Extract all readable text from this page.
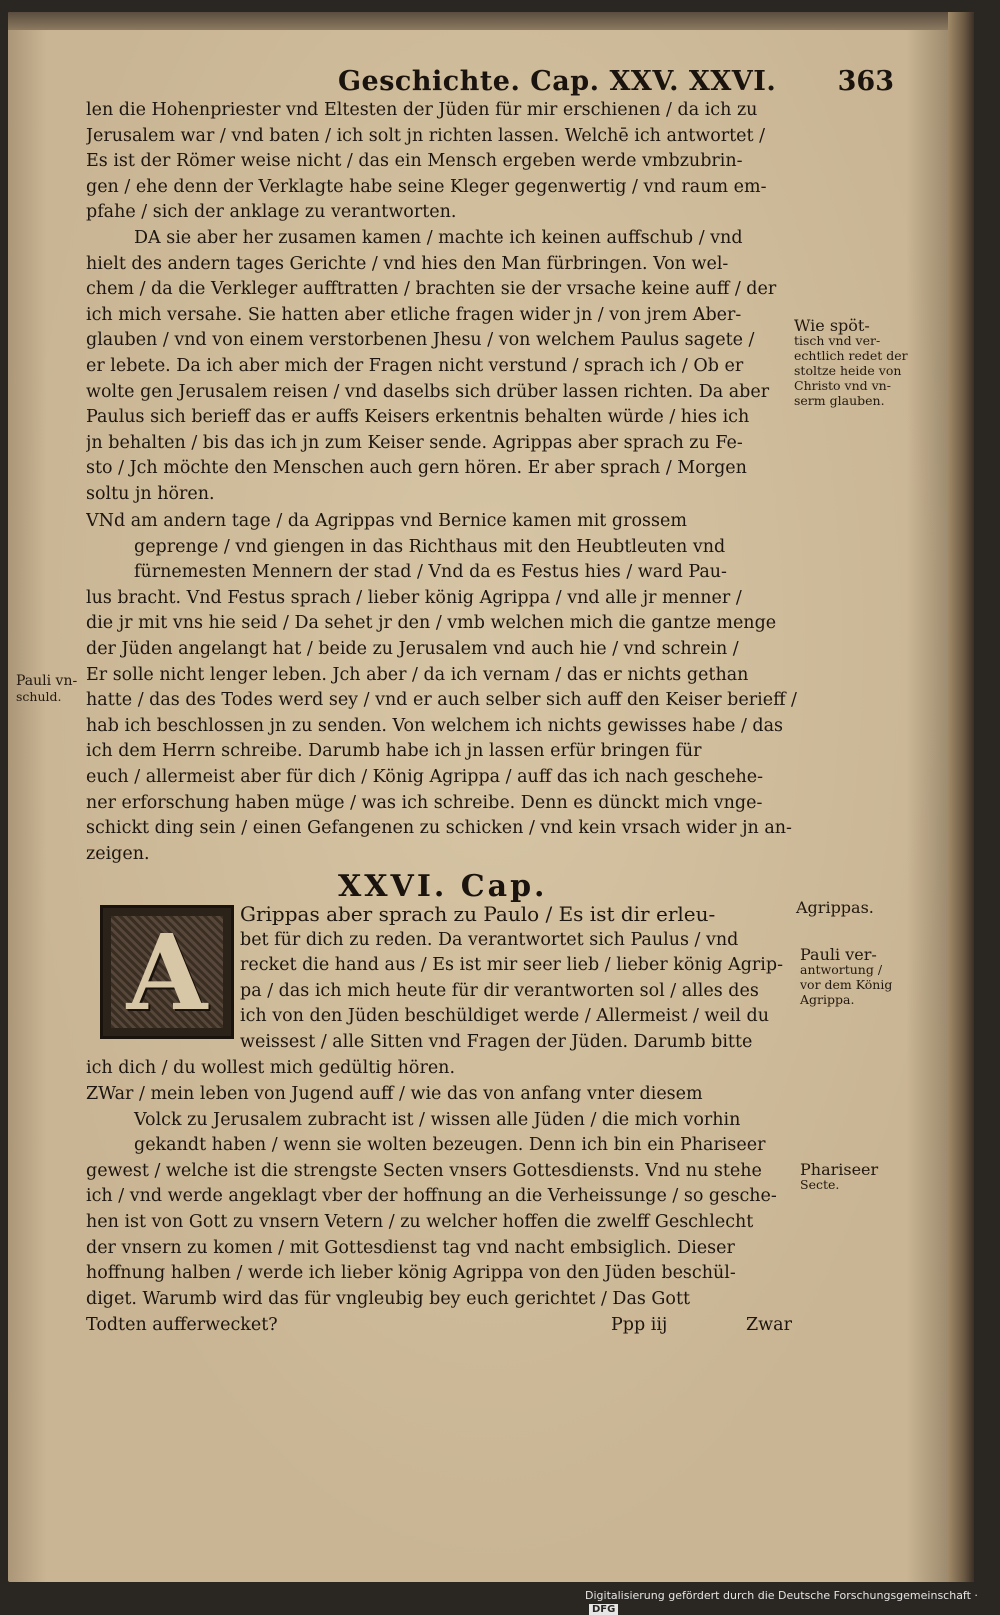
Geschichte. Cap. XXV. XXVI. 363
len die Hohenpriester vnd Eltesten der Jüden für mir erschienen / da ich zu
Jerusalem war / vnd baten / ich solt jn richten lassen. Welchē ich antwortet /
Es ist der Römer weise nicht / das ein Mensch ergeben werde vmbzubrin-
gen / ehe denn der Verklagte habe seine Kleger gegenwertig / vnd raum em-
pfahe / sich der anklage zu verantworten.
DA sie aber her zusamen kamen / machte ich keinen auffschub / vnd
hielt des andern tages Gerichte / vnd hies den Man fürbringen. Von wel-
chem / da die Verkleger aufftratten / brachten sie der vrsache keine auff / der
ich mich versahe. Sie hatten aber etliche fragen wider jn / von jrem Aber-
glauben / vnd von einem verstorbenen Jhesu / von welchem Paulus sagete /
er lebete. Da ich aber mich der Fragen nicht verstund / sprach ich / Ob er
wolte gen Jerusalem reisen / vnd daselbs sich drüber lassen richten. Da aber
Paulus sich berieff das er auffs Keisers erkentnis behalten würde / hies ich
jn behalten / bis das ich jn zum Keiser sende. Agrippas aber sprach zu Fe-
sto / Jch möchte den Menschen auch gern hören. Er aber sprach / Morgen
soltu jn hören.
VNd am andern tage / da Agrippas vnd Bernice kamen mit grossem
geprenge / vnd giengen in das Richthaus mit den Heubtleuten vnd
fürnemesten Mennern der stad / Vnd da es Festus hies / ward Pau-
lus bracht. Vnd Festus sprach / lieber könig Agrippa / vnd alle jr menner /
die jr mit vns hie seid / Da sehet jr den / vmb welchen mich die gantze menge
der Jüden angelangt hat / beide zu Jerusalem vnd auch hie / vnd schrein /
Er solle nicht lenger leben. Jch aber / da ich vernam / das er nichts gethan
hatte / das des Todes werd sey / vnd er auch selber sich auff den Keiser berieff /
hab ich beschlossen jn zu senden. Von welchem ich nichts gewisses habe / das
ich dem Herrn schreibe. Darumb habe ich jn lassen erfür bringen für
euch / allermeist aber für dich / König Agrippa / auff das ich nach geschehe-
ner erforschung haben müge / was ich schreibe. Denn es dünckt mich vnge-
schickt ding sein / einen Gefangenen zu schicken / vnd kein vrsach wider jn an-
zeigen.
XXVI. Cap.
A	Grippas aber sprach zu Paulo / Es ist dir erleu-
bet für dich zu reden. Da verantwortet sich Paulus / vnd
recket die hand aus / Es ist mir seer lieb / lieber könig Agrip-
pa / das ich mich heute für dir verantworten sol / alles des
ich von den Jüden beschüldiget werde / Allermeist / weil du
weissest / alle Sitten vnd Fragen der Jüden. Darumb bitte
ich dich / du wollest mich gedültig hören.
ZWar / mein leben von Jugend auff / wie das von anfang vnter diesem
Volck zu Jerusalem zubracht ist / wissen alle Jüden / die mich vorhin
gekandt haben / wenn sie wolten bezeugen. Denn ich bin ein Phariseer
gewest / welche ist die strengste Secten vnsers Gottesdiensts. Vnd nu stehe
ich / vnd werde angeklagt vber der hoffnung an die Verheissunge / so gesche-
hen ist von Gott zu vnsern Vetern / zu welcher hoffen die zwelff Geschlecht
der vnsern zu komen / mit Gottesdienst tag vnd nacht embsiglich. Dieser
hoffnung halben / werde ich lieber könig Agrippa von den Jüden beschül-
diget. Warumb wird das für vngleubig bey euch gerichtet / Das Gott
Todten aufferwecket?	Ppp iij	Zwar
Wie spöt-
tisch vnd ver-
echtlich redet der
stoltze heide von
Christo vnd vn-
serm glauben.
Pauli vn-
schuld.
Agrippas.
Pauli ver-
antwortung /
vor dem König
Agrippa.
Phariseer
Secte.
Digitalisierung gefördert durch die Deutsche Forschungsgemeinschaft · DFG
